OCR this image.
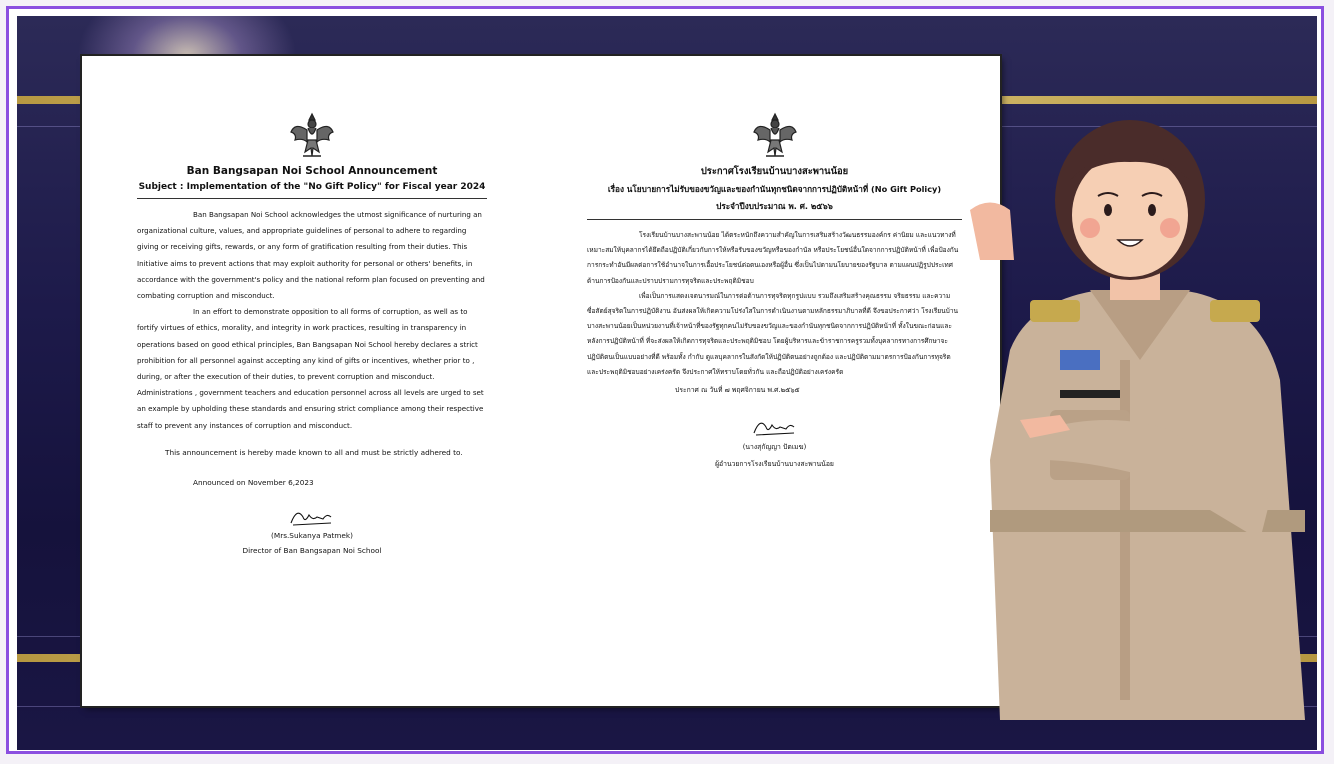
Ban Bangsapan Noi School Announcement
Subject : Implementation of the "No Gift Policy" for Fiscal year 2024

Ban Bangsapan Noi School acknowledges the utmost significance of nurturing an organizational culture, values, and appropriate guidelines of personal to adhere to regarding giving or receiving gifts, rewards, or any form of gratification resulting from their duties. This Initiative aims to prevent actions that may exploit authority for personal or others' benefits, in accordance with the government's policy and the national reform plan focused on preventing and combating corruption and misconduct.

In an effort to demonstrate opposition to all forms of corruption, as well as to fortify virtues of ethics, morality, and integrity in work practices, resulting in transparency in operations based on good ethical principles, Ban Bangsapan Noi School hereby declares a strict prohibition for all personnel against accepting any kind of gifts or incentives, whether prior to , during, or after the execution of their duties, to prevent corruption and misconduct. Administrations , government teachers and education personnel across all levels are urged to set an example by upholding these standards and ensuring strict compliance among their respective staff to prevent any instances of corruption and misconduct.

This announcement is hereby made known to all and must be strictly adhered to.
Announced on November 6,2023
(Mrs.Sukanya Patmek)
Director of Ban Bangsapan Noi School
ประกาศโรงเรียนบ้านบางสะพานน้อย
เรื่อง นโยบายการไม่รับของขวัญและของกำนันทุกชนิดจากการปฏิบัติหน้าที่ (No Gift Policy)
ประจำปีงบประมาณ พ. ศ. ๒๕๖๖

โรงเรียนบ้านบางสะพานน้อย ได้ตระหนักถึงความสำคัญในการเสริมสร้างวัฒนธรรมองค์กร ค่านิยม และแนวทางที่เหมาะสมให้บุคลากรได้ยึดถือปฏิบัติเกี่ยวกับการให้หรือรับของขวัญหรือของกำนัล หรือประโยชน์อื่นใดจากการปฏิบัติหน้าที่ เพื่อป้องกันการกระทำอันมีผลต่อการใช้อำนาจในการเอื้อประโยชน์ต่อตนเองหรือผู้อื่น ซึ่งเป็นไปตามนโยบายของรัฐบาล ตามแผนปฏิรูปประเทศด้านการป้องกันและปราบปรามการทุจริตและประพฤติมิชอบ

เพื่อเป็นการแสดงเจตนารมณ์ในการต่อต้านการทุจริตทุกรูปแบบ รวมถึงเสริมสร้างคุณธรรม จริยธรรม และความซื่อสัตย์สุจริตในการปฏิบัติงาน อันส่งผลให้เกิดความโปร่งใสในการดำเนินงานตามหลักธรรมาภิบาลที่ดี จึงขอประกาศว่า โรงเรียนบ้านบางสะพานน้อยเป็นหน่วยงานที่เจ้าหน้าที่ของรัฐทุกคนไม่รับของขวัญและของกำนันทุกชนิดจากการปฏิบัติหน้าที่ ทั้งในขณะก่อนและหลังการปฏิบัติหน้าที่ ที่จะส่งผลให้เกิดการทุจริตและประพฤติมิชอบ โดยผู้บริหารและข้าราชการครูรวมทั้งบุคลากรทางการศึกษาจะปฏิบัติตนเป็นแบบอย่างที่ดี พร้อมทั้ง กำกับ ดูแลบุคลากรในสังกัดให้ปฏิบัติตนอย่างถูกต้อง และปฏิบัติตามมาตรการป้องกันการทุจริตและประพฤติมิชอบอย่างเคร่งครัด จึงประกาศให้ทราบโดยทั่วกัน และถือปฏิบัติอย่างเคร่งครัด

ประกาศ ณ วันที่ ๗ พฤศจิกายน พ.ศ.๒๕๖๕
(นางสุกัญญา ปัตเมฆ)
ผู้อำนวยการโรงเรียนบ้านบางสะพานน้อย
